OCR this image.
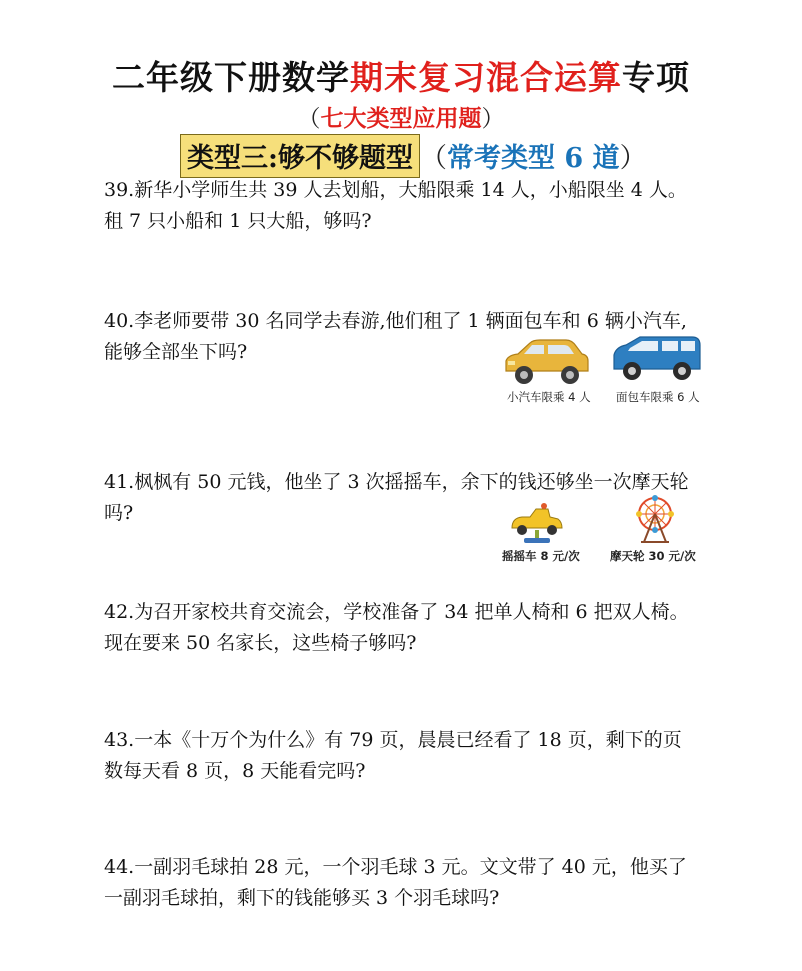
二年级下册数学期末复习混合运算专项
（七大类型应用题）
类型三:够不够题型 （常考类型 6 道）
39.新华小学师生共 39 人去划船，大船限乘 14 人，小船限坐 4 人。
租 7 只小船和 1 只大船，够吗?
40.李老师要带 30 名同学去春游,他们租了 1 辆面包车和 6 辆小汽车,
能够全部坐下吗?
小汽车限乘 4 人 面包车限乘 6 人
41.枫枫有 50 元钱，他坐了 3 次摇摇车，余下的钱还够坐一次摩天轮
吗?
摇摇车 8 元/次	摩天轮 30 元/次
42.为召开家校共育交流会，学校准备了 34 把单人椅和 6 把双人椅。
现在要来 50 名家长，这些椅子够吗?
43.一本《十万个为什么》有 79 页，晨晨已经看了 18 页，剩下的页
数每天看 8 页，8 天能看完吗?
44.一副羽毛球拍 28 元，一个羽毛球 3 元。文文带了 40 元，他买了
一副羽毛球拍，剩下的钱能够买 3 个羽毛球吗?
